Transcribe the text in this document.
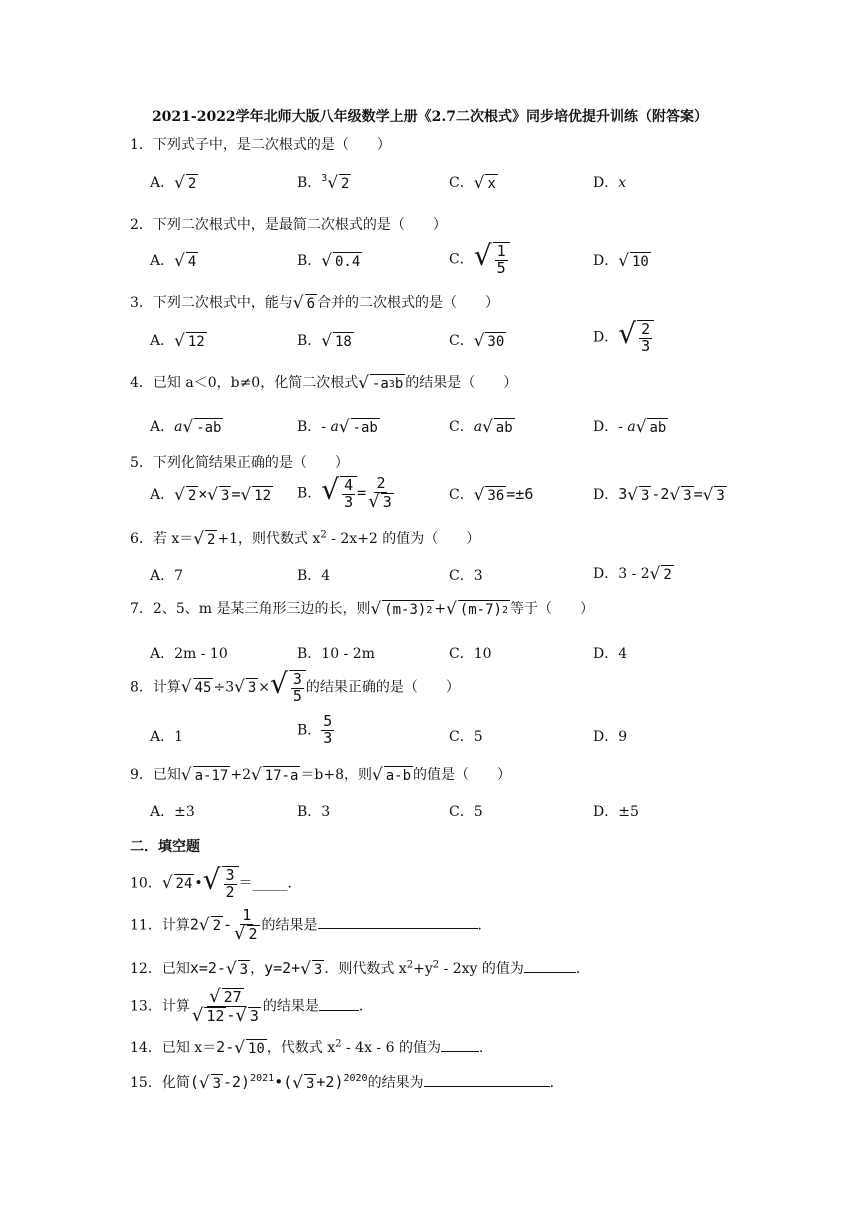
2021-2022学年北师大版八年级数学上册《2.7二次根式》同步培优提升训练（附答案）
1．下列式子中，是二次根式的是（　　）
A． √ 2	B．$^3$ √ 2	C． √ x	D．x
2．下列二次根式中，是最简二次根式的是（　　）
A． √ 4	B． √ 0.4	C． √ 1
5	D． √ 10
3．下列二次根式中，能与 √ 6 合并的二次根式的是（　　）
A． √ 12	B． √ 18	C． √ 30	D． √ 2
3
4．已知 a＜0，b≠0，化简二次根式 √ -a 3 b 的结果是（　　）
A．a √ -ab	B．- a √ -ab	C．a √ ab	D．- a √ ab
5．下列化简结果正确的是（　　）
A． √ 2 × √ 3 = √ 12 B． √ 4
3
= $\frac{2}{√ 3}$	C． √ 36 =±6	D．3 √ 3 -2 √ 3 = √ 3
6．若 x＝ √ 2 +1，则代数式 $x^2 - 2x+2$ 的值为（　　）
A．7	B．4	C．3	D．3 - 2 √ 2
7．2、5、m 是某三角形三边的长，则 √ (m-3) 2 + √ (m-7) 2 等于（　　）
A．2m - 10	B．10 - 2m	C．10	D．4
8．计算 √ 45 ÷3 √ 3 × √ 3
5 的结果正确的是（　　）
A．1	B． $\frac{5}{3}$	C．5	D．9
9．已知 √ a-17 +2 √ 17-a ＝b+8，则 √ a-b 的值是（　　）
A．±3	B．3	C．5	D．±5
二．填空题
10． √ 24 • √ 3
2 ＝_____．
11．计算2 √ $2 - \frac{1}{√ 2}$ 的结果是	．
12．已知x=2- √ 3 ，y=2+ √ 3 ．则代数式 $x^2+y^2 - 2xy$ 的值为	．
13．计算 $\frac{√ 27}{√ 12 - √ 3}$ 的结果是	．
14．已知 x＝2- √ 10 ，代数式 $x^2 - 4x - 6$ 的值为	．
15．化简( √ 3 -2)$^{2021}$•( √ 3 +2)$^{2020}$的结果为	．
